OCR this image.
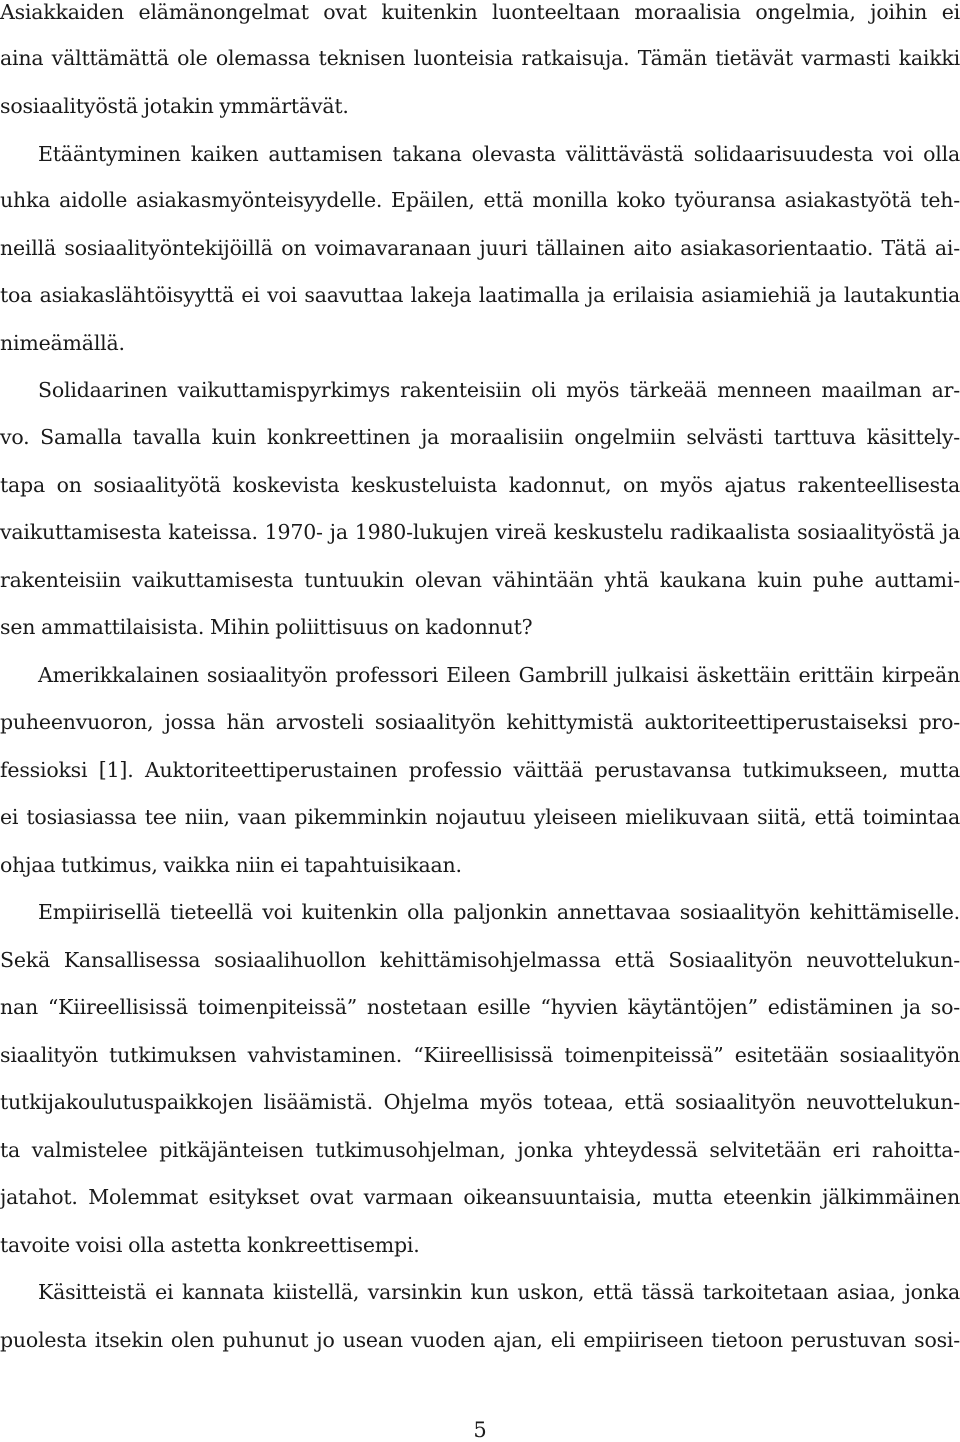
Asiakkaiden elämänongelmat ovat kuitenkin luonteeltaan moraalisia ongelmia, joihin ei
aina välttämättä ole olemassa teknisen luonteisia ratkaisuja. Tämän tietävät varmasti kaikki
sosiaalityöstä jotakin ymmärtävät.
Etääntyminen kaiken auttamisen takana olevasta välittävästä solidaarisuudesta voi olla
uhka aidolle asiakasmyönteisyydelle. Epäilen, että monilla koko työuransa asiakastyötä teh-
neillä sosiaalityöntekijöillä on voimavaranaan juuri tällainen aito asiakasorientaatio. Tätä ai-
toa asiakaslähtöisyyttä ei voi saavuttaa lakeja laatimalla ja erilaisia asiamiehiä ja lautakuntia
nimeämällä.
Solidaarinen vaikuttamispyrkimys rakenteisiin oli myös tärkeää menneen maailman ar-
vo. Samalla tavalla kuin konkreettinen ja moraalisiin ongelmiin selvästi tarttuva käsittely-
tapa on sosiaalityötä koskevista keskusteluista kadonnut, on myös ajatus rakenteellisesta
vaikuttamisesta kateissa. 1970- ja 1980-lukujen vireä keskustelu radikaalista sosiaalityöstä ja
rakenteisiin vaikuttamisesta tuntuukin olevan vähintään yhtä kaukana kuin puhe auttami-
sen ammattilaisista. Mihin poliittisuus on kadonnut?
Amerikkalainen sosiaalityön professori Eileen Gambrill julkaisi äskettäin erittäin kirpeän
puheenvuoron, jossa hän arvosteli sosiaalityön kehittymistä auktoriteettiperustaiseksi pro-
fessioksi [1]. Auktoriteettiperustainen professio väittää perustavansa tutkimukseen, mutta
ei tosiasiassa tee niin, vaan pikemminkin nojautuu yleiseen mielikuvaan siitä, että toimintaa
ohjaa tutkimus, vaikka niin ei tapahtuisikaan.
Empiirisellä tieteellä voi kuitenkin olla paljonkin annettavaa sosiaalityön kehittämiselle.
Sekä Kansallisessa sosiaalihuollon kehittämisohjelmassa että Sosiaalityön neuvottelukun-
nan “Kiireellisissä toimenpiteissä” nostetaan esille “hyvien käytäntöjen” edistäminen ja so-
siaalityön tutkimuksen vahvistaminen. “Kiireellisissä toimenpiteissä” esitetään sosiaalityön
tutkijakoulutuspaikkojen lisäämistä. Ohjelma myös toteaa, että sosiaalityön neuvottelukun-
ta valmistelee pitkäjänteisen tutkimusohjelman, jonka yhteydessä selvitetään eri rahoitta-
jatahot. Molemmat esitykset ovat varmaan oikeansuuntaisia, mutta eteenkin jälkimmäinen
tavoite voisi olla astetta konkreettisempi.
Käsitteistä ei kannata kiistellä, varsinkin kun uskon, että tässä tarkoitetaan asiaa, jonka
puolesta itsekin olen puhunut jo usean vuoden ajan, eli empiiriseen tietoon perustuvan sosi-
5
